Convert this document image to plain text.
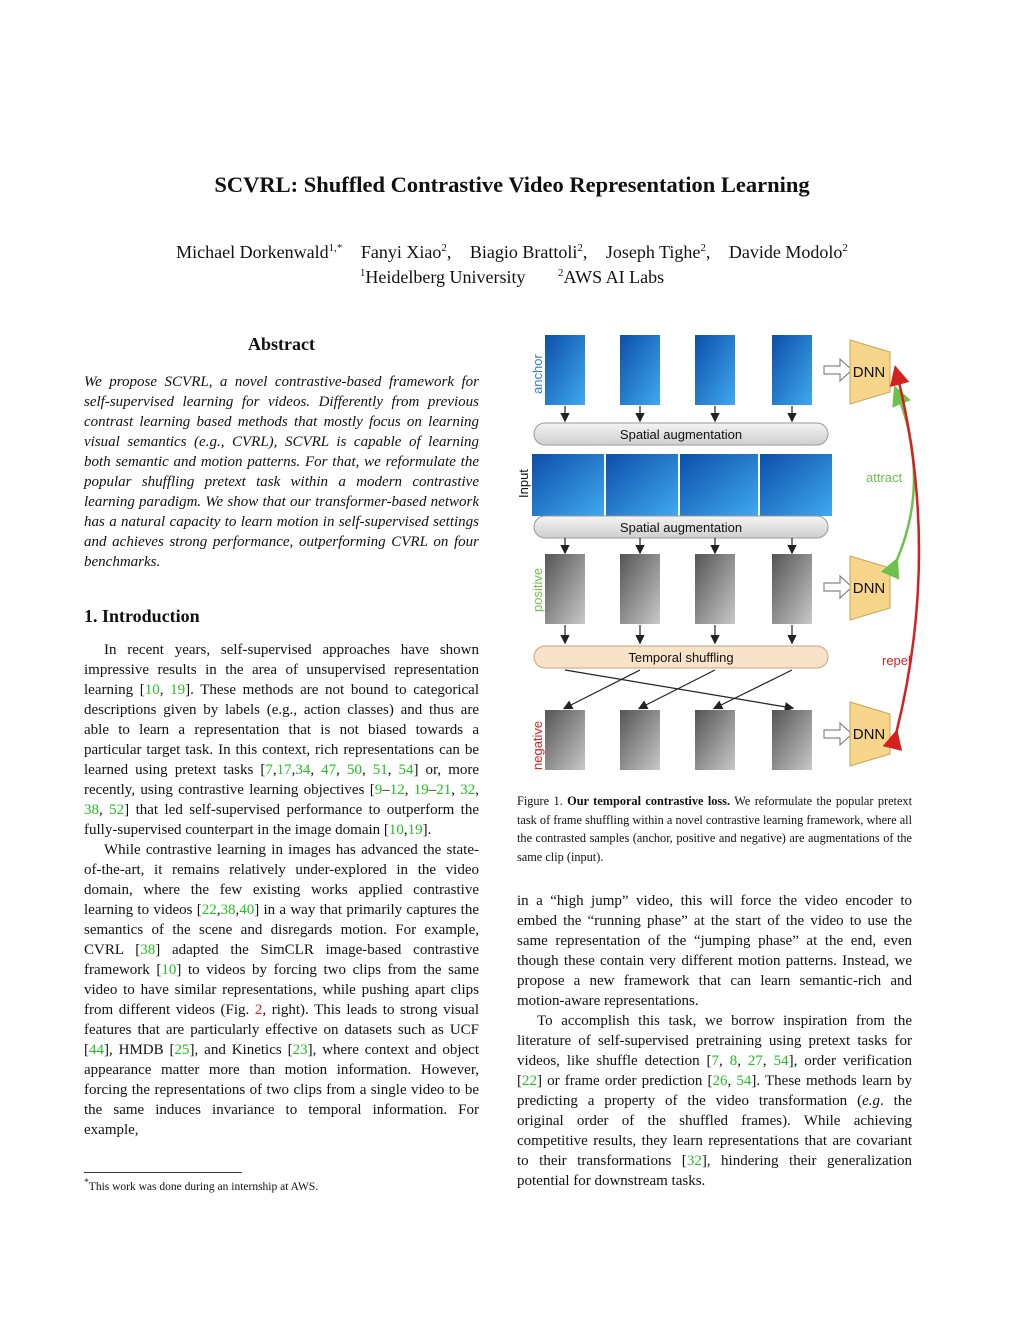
SCVRL: Shuffled Contrastive Video Representation Learning
Michael Dorkenwald$^{1,*}$ Fanyi Xiao$^2$, Biagio Brattoli$^2$, Joseph Tighe$^2$, Davide Modolo$^2$
$^1$Heidelberg University	$^2$AWS AI Labs
Abstract

We propose SCVRL, a novel contrastive-based framework for self-supervised learning for videos. Differently from previous contrast learning based methods that mostly focus on learning visual semantics (e.g., CVRL), SCVRL is capable of learning both semantic and motion patterns. For that, we reformulate the popular shuffling pretext task within a modern contrastive learning paradigm. We show that our transformer-based network has a natural capacity to learn motion in self-supervised settings and achieves strong performance, outperforming CVRL on four benchmarks.

1. Introduction

In recent years, self-supervised approaches have shown impressive results in the area of unsupervised representation learning [10, 19]. These methods are not bound to categorical descriptions given by labels (e.g., action classes) and thus are able to learn a representation that is not biased towards a particular target task. In this context, rich representations can be learned using pretext tasks [7,17,34, 47, 50, 51, 54] or, more recently, using contrastive learning objectives [9–12, 19–21, 32, 38, 52] that led self-supervised performance to outperform the fully-supervised counterpart in the image domain [10,19].

While contrastive learning in images has advanced the state-of-the-art, it remains relatively under-explored in the video domain, where the few existing works applied contrastive learning to videos [22,38,40] in a way that primarily captures the semantics of the scene and disregards motion. For example, CVRL [38] adapted the SimCLR image-based contrastive framework [10] to videos by forcing two clips from the same video to have similar representations, while pushing apart clips from different videos (Fig. 2, right). This leads to strong visual features that are particularly effective on datasets such as UCF [44], HMDB [25], and Kinetics [23], where context and object appearance matter more than motion information. However, forcing the representations of two clips from a single video to be the same induces invariance to temporal information. For example,

*This work was done during an internship at AWS.
anchor
Spatial augmentation
Input
Spatial augmentation
positive
Temporal shuffling
negative
DNN
DNN
DNN
attract
repel
Figure 1. Our temporal contrastive loss. We reformulate the popular pretext task of frame shuffling within a novel contrastive learning framework, where all the contrasted samples (anchor, positive and negative) are augmentations of the same clip (input).

in a “high jump” video, this will force the video encoder to embed the “running phase” at the start of the video to use the same representation of the “jumping phase” at the end, even though these contain very different motion patterns. Instead, we propose a new framework that can learn semantic-rich and motion-aware representations.

To accomplish this task, we borrow inspiration from the literature of self-supervised pretraining using pretext tasks for videos, like shuffle detection [7, 8, 27, 54], order verification [22] or frame order prediction [26, 54]. These methods learn by predicting a property of the video transformation (e.g. the original order of the shuffled frames). While achieving competitive results, they learn representations that are covariant to their transformations [32], hindering their generalization potential for downstream tasks.
